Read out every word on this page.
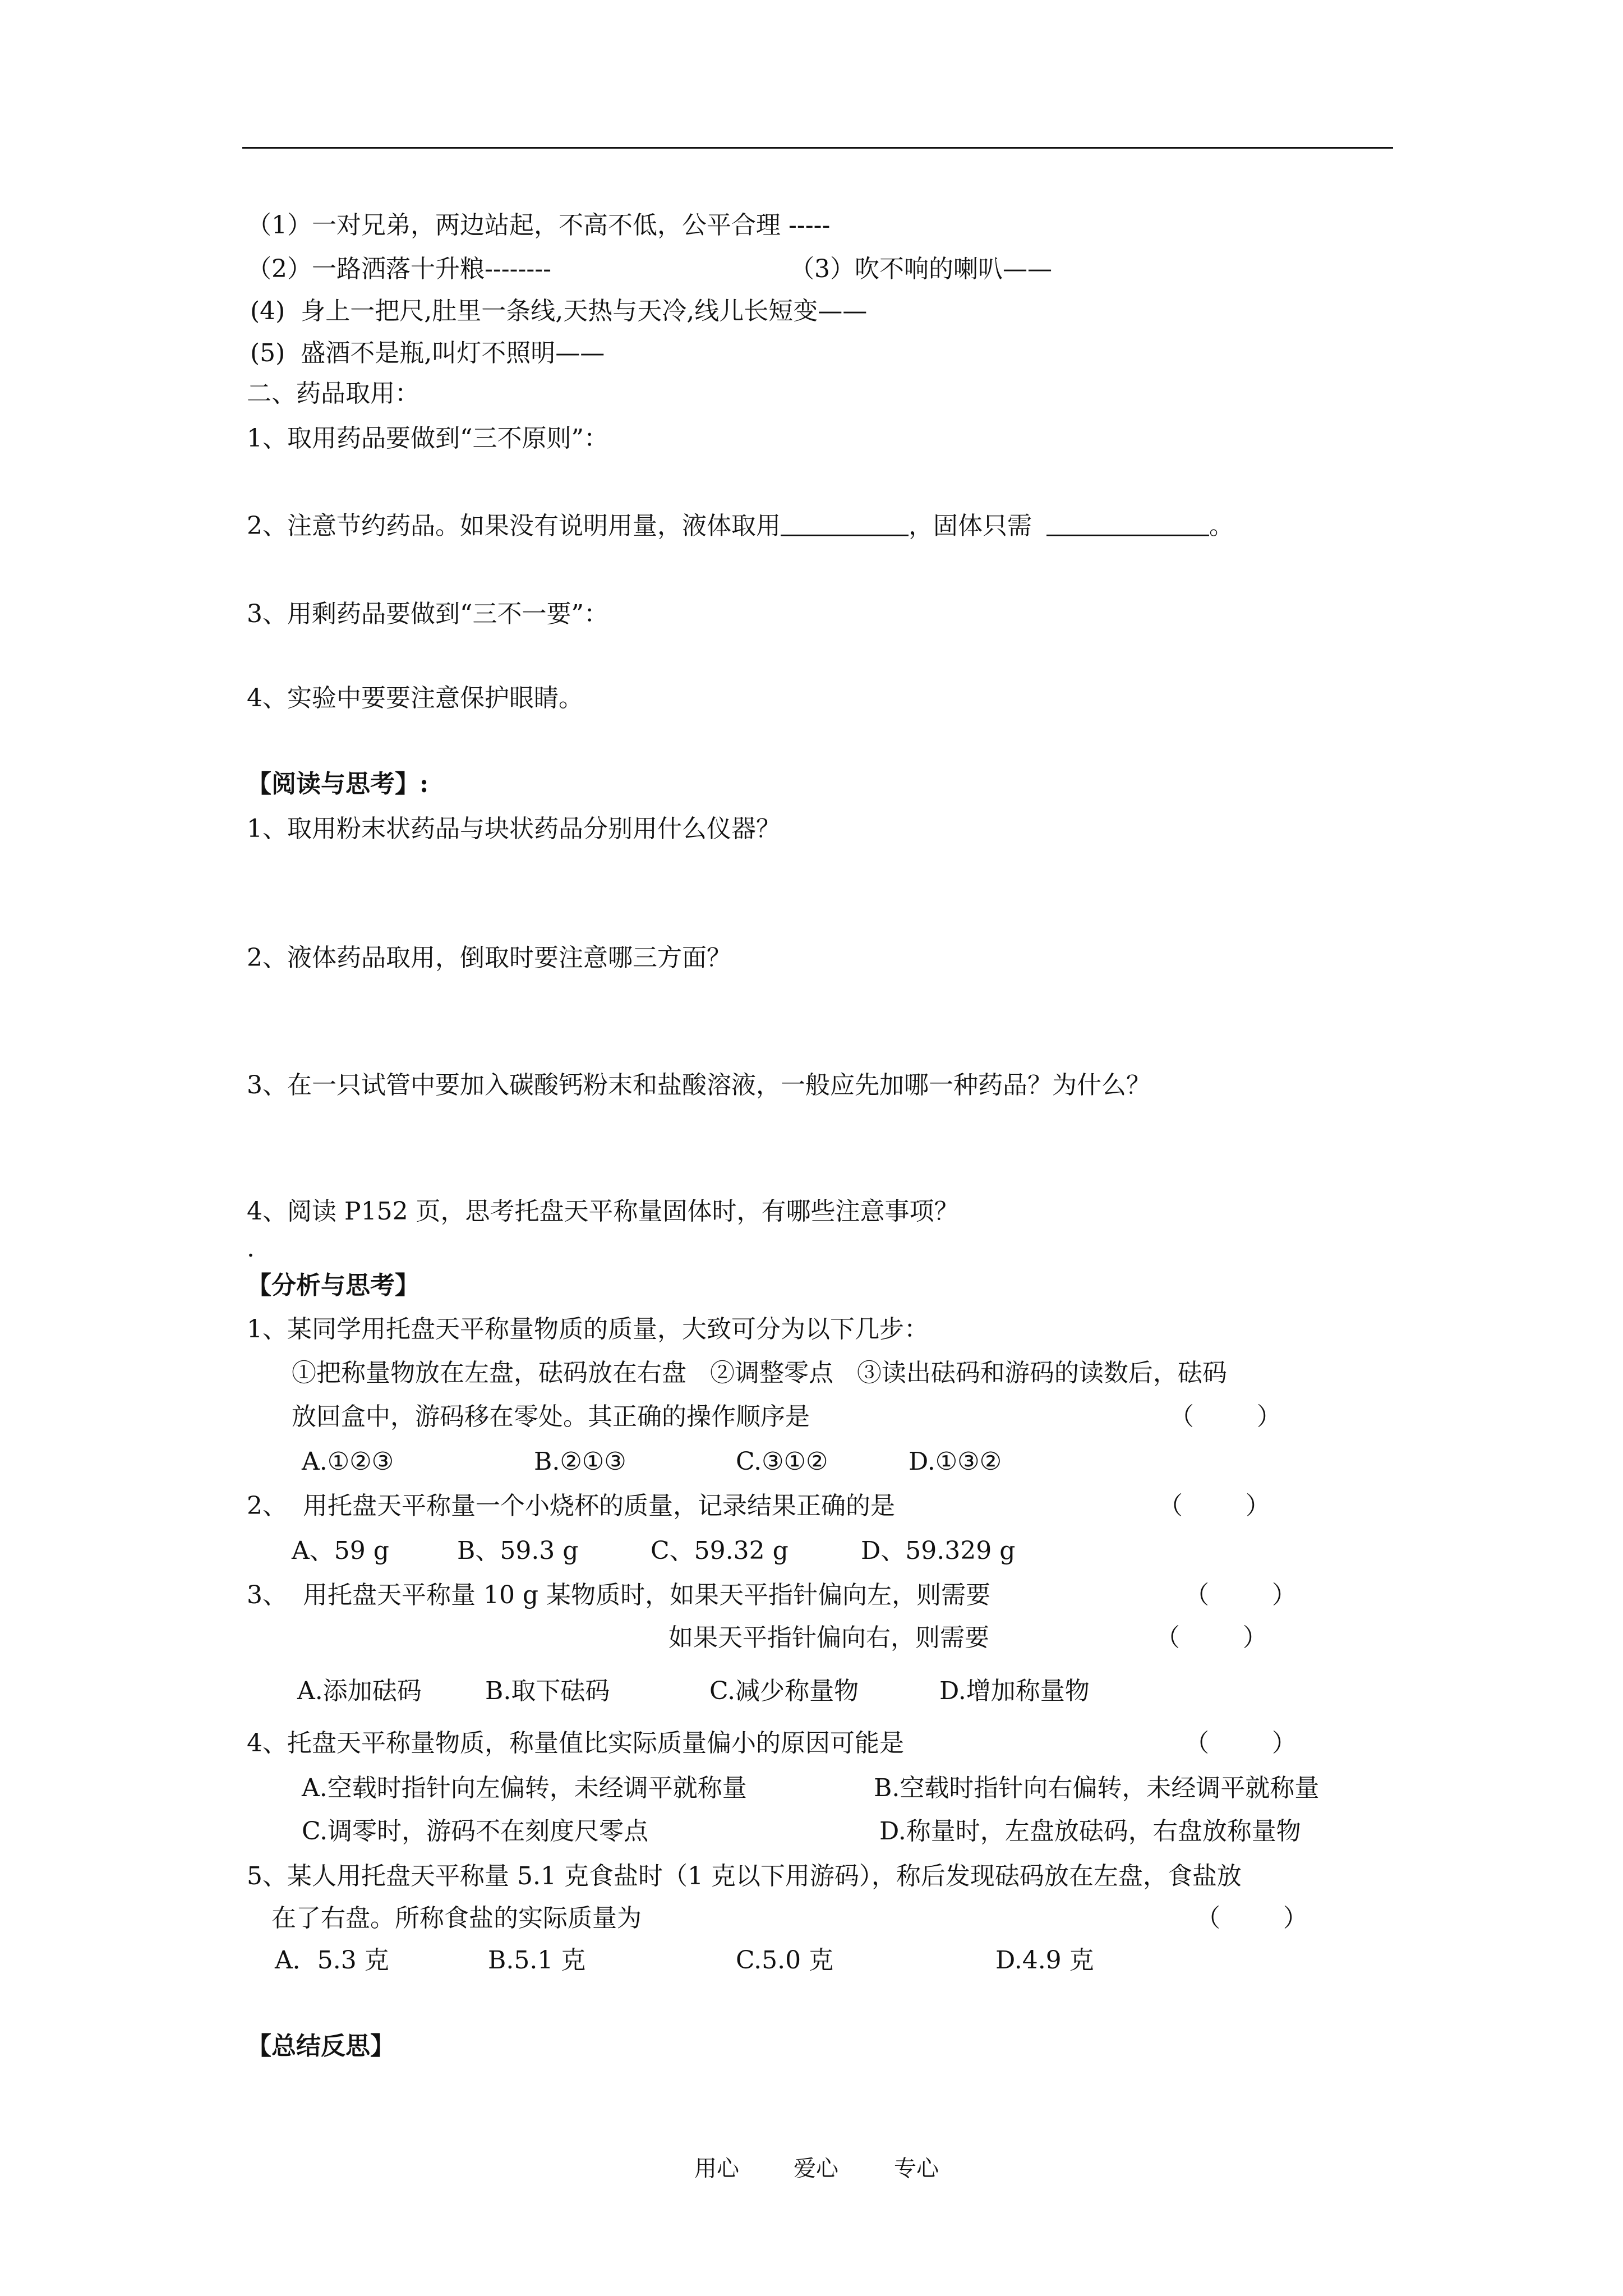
（1）一对兄弟，两边站起，不高不低，公平合理 -----
（2）一路洒落十升粮--------	（3）吹不响的喇叭——
(4)  身上一把尺,肚里一条线,天热与天冷,线儿长短变——
(5)  盛酒不是瓶,叫灯不照明——
二、药品取用：
1、取用药品要做到“三不原则”：
2、注意节约药品。如果没有说明用量，液体取用	，固体只需	。
3、用剩药品要做到“三不一要”：
4、实验中要要注意保护眼睛。
【阅读与思考】:
1、取用粉末状药品与块状药品分别用什么仪器？
2、液体药品取用，倒取时要注意哪三方面？
3、在一只试管中要加入碳酸钙粉末和盐酸溶液，一般应先加哪一种药品？为什么？
4、阅读 P152 页，思考托盘天平称量固体时，有哪些注意事项？
.
【分析与思考】
1、某同学用托盘天平称量物质的质量，大致可分为以下几步：
①把称量物放在左盘，砝码放在右盘   ②调整零点   ③读出砝码和游码的读数后，砝码
放回盒中，游码移在零处。其正确的操作顺序是	（        ）
A.①②③	B.②①③	C.③①②	D.①③②
2、  用托盘天平称量一个小烧杯的质量，记录结果正确的是	（        ）
A、59 g	B、59.3 g	C、59.32 g	D、59.329 g
3、  用托盘天平称量 10 g 某物质时，如果天平指针偏向左，则需要	（        ）
如果天平指针偏向右，则需要	（        ）
A.添加砝码	B.取下砝码	C.减少称量物	D.增加称量物
4、托盘天平称量物质，称量值比实际质量偏小的原因可能是	（        ）
A.空载时指针向左偏转，未经调平就称量	B.空载时指针向右偏转，未经调平就称量
C.调零时，游码不在刻度尺零点	D.称量时，左盘放砝码，右盘放称量物
5、某人用托盘天平称量 5.1 克食盐时（1 克以下用游码），称后发现砝码放在左盘，食盐放
在了右盘。所称食盐的实际质量为	（        ）
A．5.3 克	B.5.1 克	C.5.0 克	D.4.9 克
【总结反思】
用心 爱心 专心
